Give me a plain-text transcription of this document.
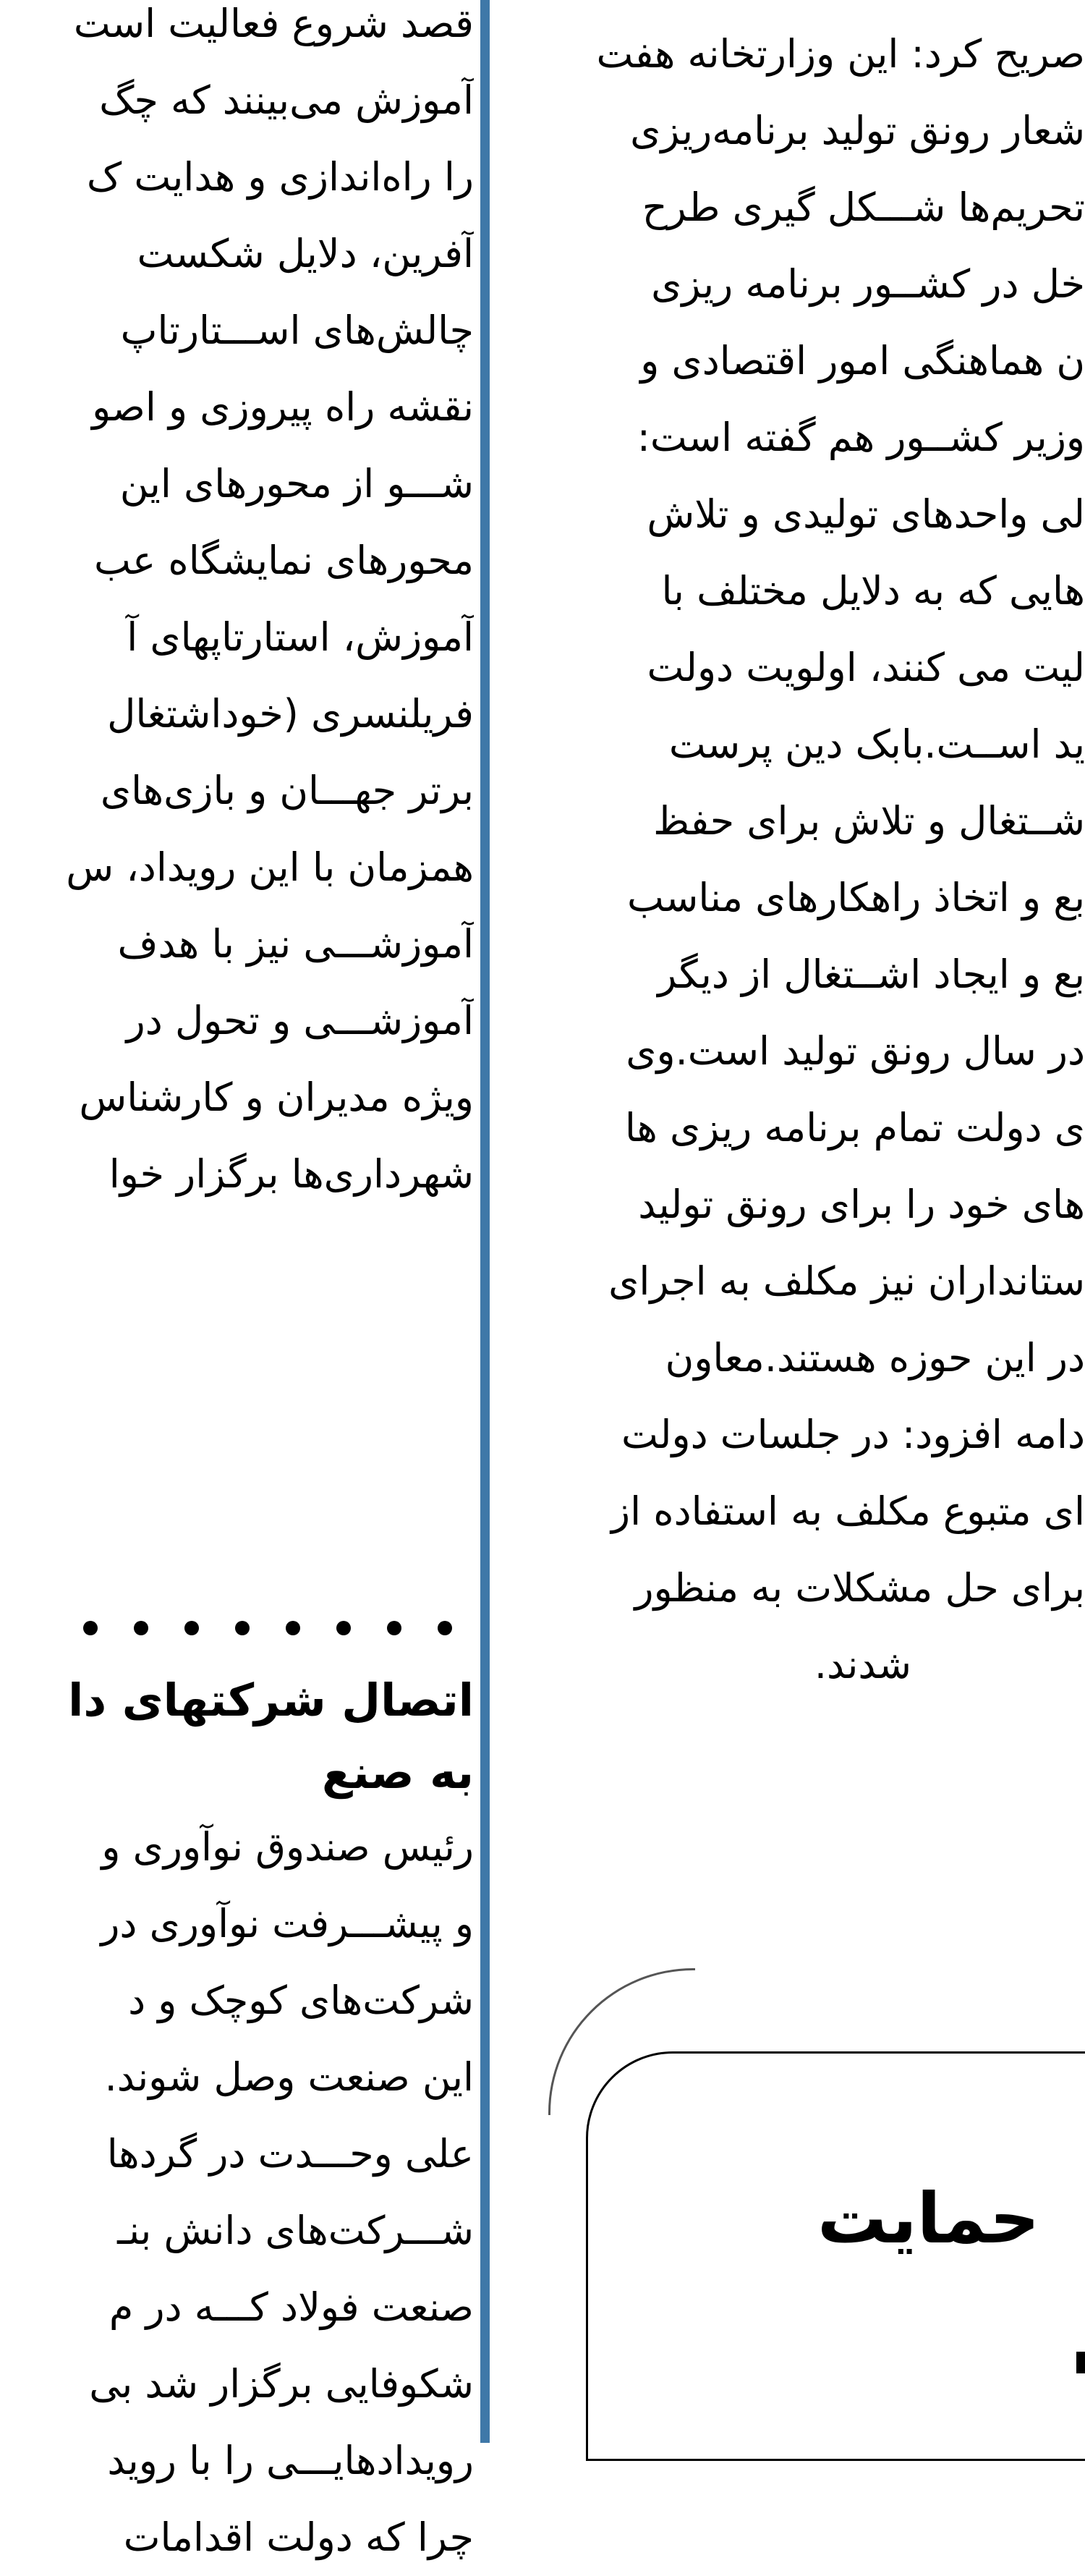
قصد شروع فعالیت است
آموزش می‌بینند که چگ
را راه‌اندازی و هدایت ک
آفرین، دلایل شکست
چالش‌های اســـتارتاپ
نقشه راه پیروزی و اصو
شـــو از محورهای این
محورهای نمایشگاه عب
آموزش، استارتاپهای آ
فریلنسری (خوداشتغال
برتر جهـــان و بازی‌های
همزمان با این رویداد، س
آموزشـــی نیز با هدف
آموزشـــی و تحول در
ویژه مدیران و کارشناس
شهرداری‌ها برگزار خوا
اتصال شرکتهای دا
به صنع
رئیس صندوق نوآوری و
و پیشـــرفت نوآوری در
شرکت‌های کوچک و د
این صنعت وصل شوند.
علی وحـــدت در گردها
شـــرکت‌های دانش بنـ
صنعت فولاد کـــه در م
شکوفایی برگزار شد بی
رویدادهایـــی را با روید
چرا که دولت اقدامات
صریح کرد: این وزارتخانه هفت
شعار رونق تولید برنامه‌ریزی
تحریم‌ها شـــکل گیری طرح
خل در کشــور برنامه ریزی
ن هماهنگی امور اقتصادی و
وزیر کشــور هم گفته است:
لی واحدهای تولیدی و تلاش
هایی که به دلایل مختلف با
لیت می کنند، اولویت دولت
ید اســت.بابک دین پرست
شــتغال و تلاش برای حفظ
بع و اتخاذ راهکارهای مناسب
بع و ایجاد اشــتغال از دیگر
در سال رونق تولید است.وی
ی دولت تمام برنامه ریزی ها
های خود را برای رونق تولید
ستانداران نیز مکلف به اجرای
در این حوزه هستند.معاون
دامه افزود: در جلسات دولت
ای متبوع مکلف به استفاده از
برای حل مشکلات به منظور
شدند.
حمایت
